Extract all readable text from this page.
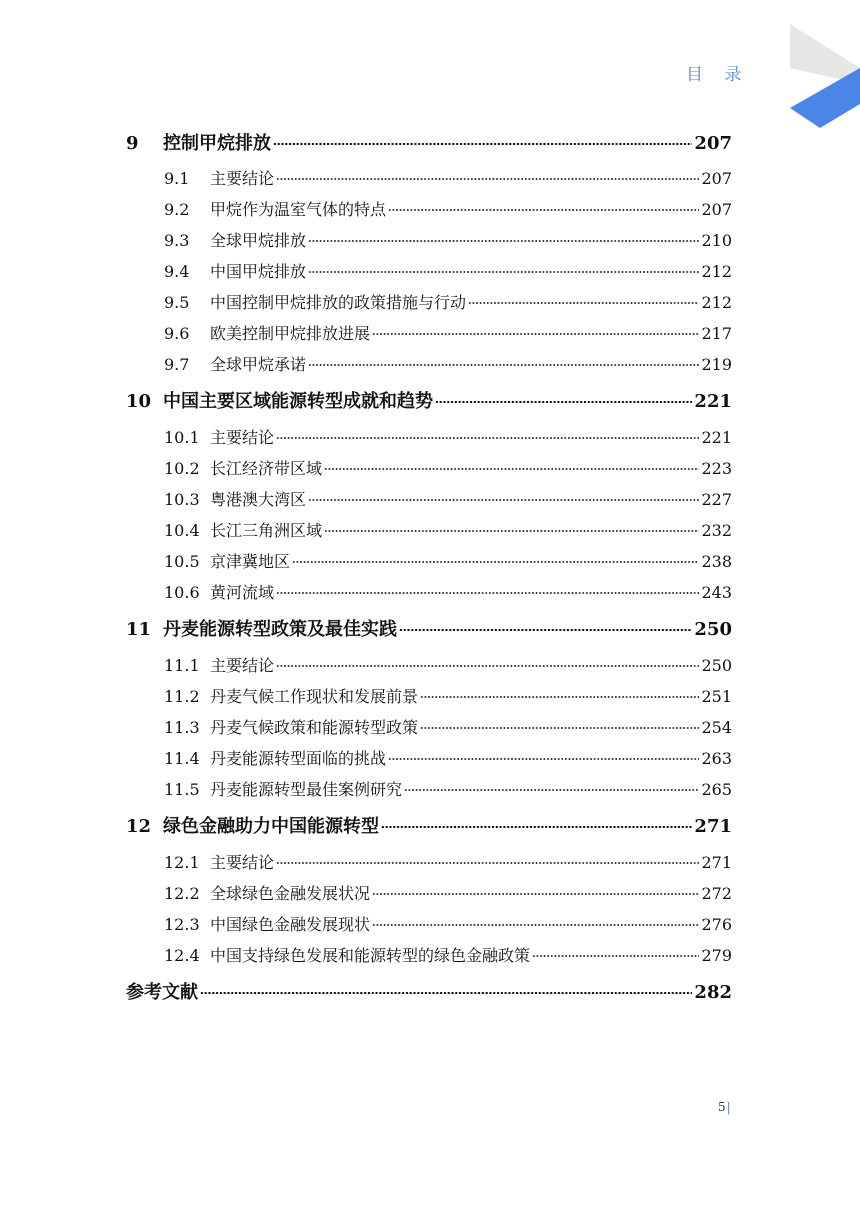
目 录
9	控制甲烷排放	207
9.1	主要结论	207
9.2	甲烷作为温室气体的特点	207
9.3	全球甲烷排放	210
9.4	中国甲烷排放	212
9.5	中国控制甲烷排放的政策措施与行动	212
9.6	欧美控制甲烷排放进展	217
9.7	全球甲烷承诺	219
10 中国主要区域能源转型成就和趋势	221
10.1 主要结论	221
10.2 长江经济带区域	223
10.3 粤港澳大湾区	227
10.4 长江三角洲区域	232
10.5 京津冀地区	238
10.6 黄河流域	243
11 丹麦能源转型政策及最佳实践	250
11.1 主要结论	250
11.2 丹麦气候工作现状和发展前景	251
11.3 丹麦气候政策和能源转型政策	254
11.4 丹麦能源转型面临的挑战	263
11.5 丹麦能源转型最佳案例研究	265
12 绿色金融助力中国能源转型	271
12.1 主要结论	271
12.2 全球绿色金融发展状况	272
12.3 中国绿色金融发展现状	276
12.4 中国支持绿色发展和能源转型的绿色金融政策	279
参考文献	282
5|
